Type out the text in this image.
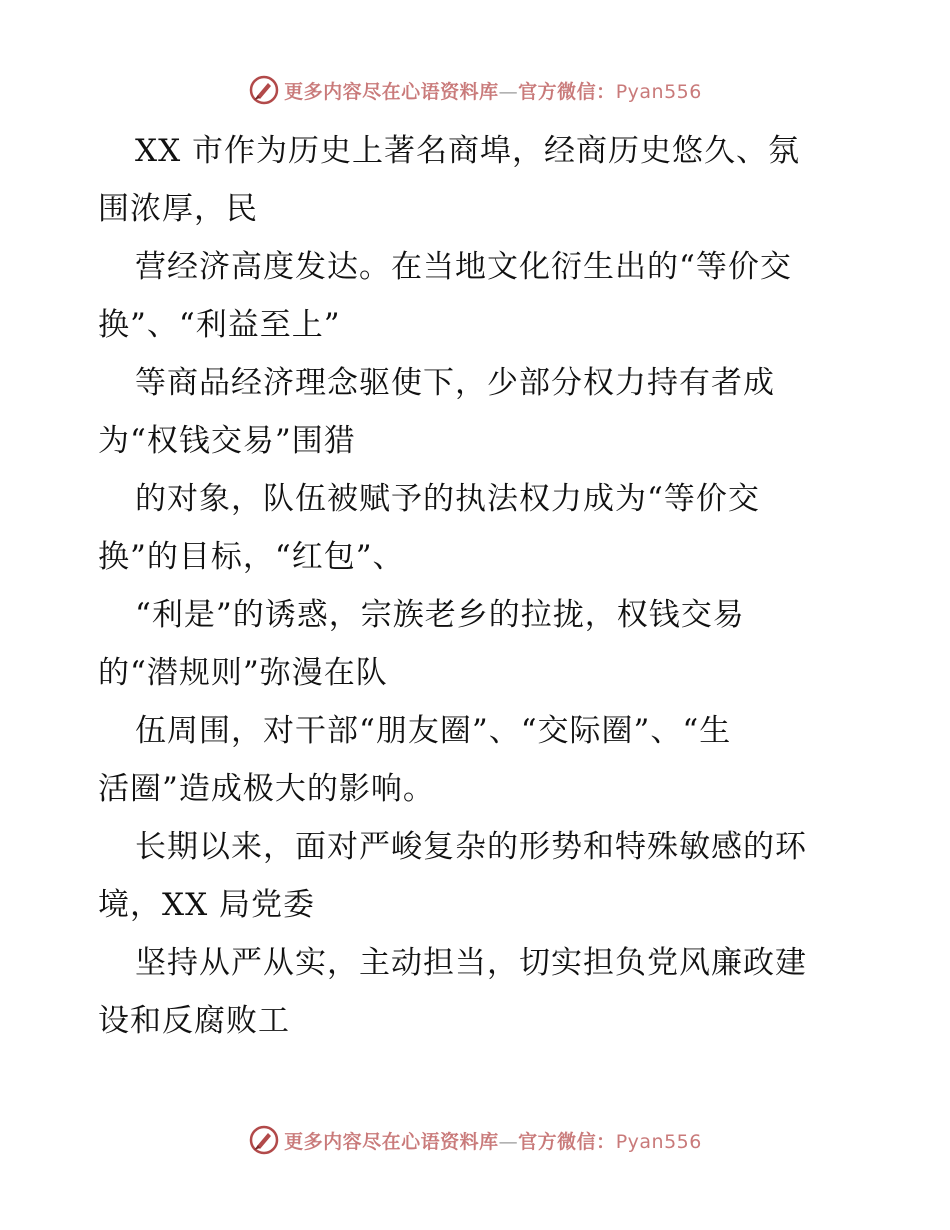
更多内容尽在心语资料库—官方微信：Pyan556
XX 市作为历史上著名商埠，经商历史悠久、氛
围浓厚，民
营经济高度发达。在当地文化衍生出的“等价交
换”、“利益至上”
等商品经济理念驱使下，少部分权力持有者成
为“权钱交易”围猎
的对象，队伍被赋予的执法权力成为“等价交
换”的目标，“红包”、
“利是”的诱惑，宗族老乡的拉拢，权钱交易
的“潜规则”弥漫在队
伍周围，对干部“朋友圈”、“交际圈”、“生
活圈”造成极大的影响。
长期以来，面对严峻复杂的形势和特殊敏感的环
境，XX 局党委
坚持从严从实，主动担当，切实担负党风廉政建
设和反腐败工
更多内容尽在心语资料库—官方微信：Pyan556
